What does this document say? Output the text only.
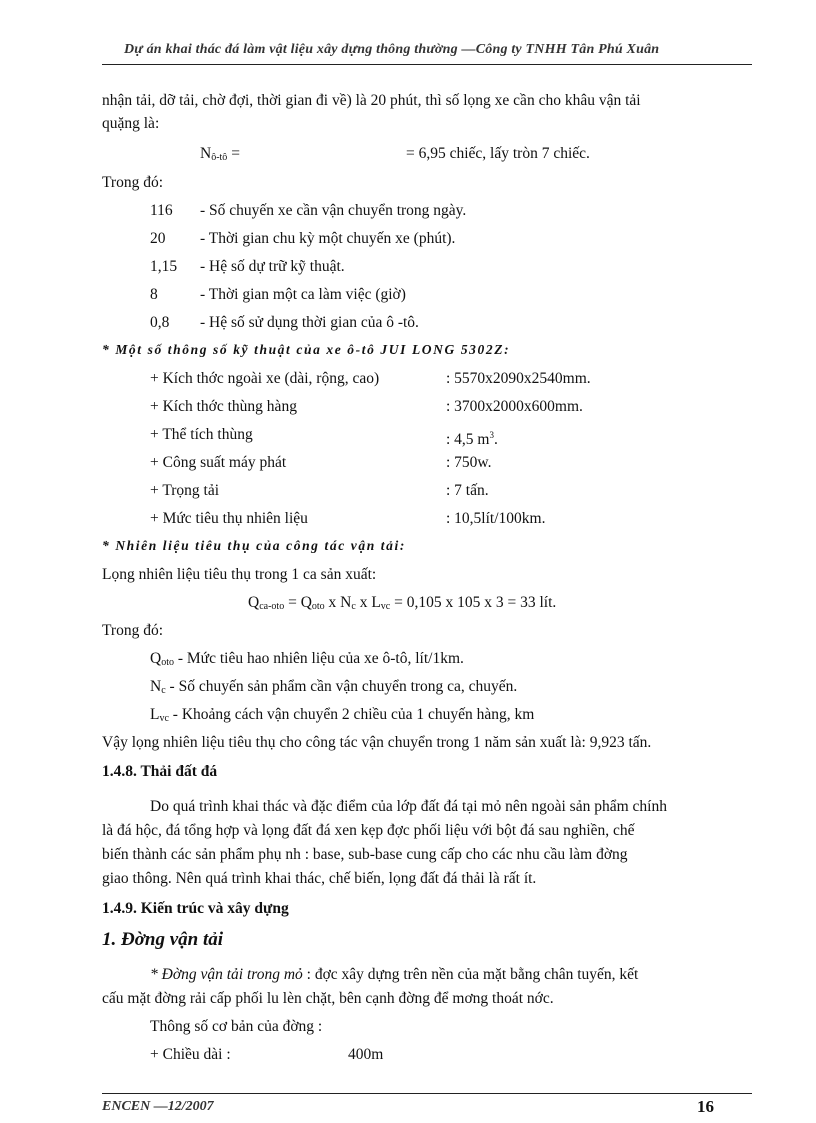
Dự án khai thác đá làm vật liệu xây dựng thông thường —Công ty TNHH Tân Phú Xuân
nhận tải, dỡ tải, chờ đợi, thời gian đi về) là 20 phút, thì số lọng xe cần cho khâu vận tải
quặng là:
$N_{ô-tô}$ =	= 6,95 chiếc, lấy tròn 7 chiếc.
Trong đó:
116 - Số chuyến xe cần vận chuyển trong ngày.
20 - Thời gian chu kỳ một chuyến xe (phút).
1,15 - Hệ số dự trữ kỹ thuật.
8	- Thời gian một ca làm việc (giờ)
0,8 - Hệ số sử dụng thời gian của ô -tô.
* Một số thông số kỹ thuật của xe ô-tô JUI LONG 5302Z:
+ Kích thớc ngoài xe (dài, rộng, cao)	: 5570x2090x2540mm.
+ Kích thớc thùng hàng	: 3700x2000x600mm.
+ Thể tích thùng	: 4,5 $m^3$.
+ Công suất máy phát	: 750w.
+ Trọng tải	: 7 tấn.
+ Mức tiêu thụ nhiên liệu	: 10,5lít/100km.
* Nhiên liệu tiêu thụ của công tác vận tải:
Lọng nhiên liệu tiêu thụ trong 1 ca sản xuất:
$Q_{ca-oto} = Q_{oto}$ x $N_c$ x $L_{vc} = 0,105$ x 105 x 3 = 33 lít.
Trong đó:
$Q_{oto}$ - Mức tiêu hao nhiên liệu của xe ô-tô, lít/1km.
$N_c$ - Số chuyến sản phẩm cần vận chuyển trong ca, chuyến.
$L_{vc}$ - Khoảng cách vận chuyển 2 chiều của 1 chuyến hàng, km
Vậy lọng nhiên liệu tiêu thụ cho công tác vận chuyển trong 1 năm sản xuất là: 9,923 tấn.
1.4.8. Thải đất đá
Do quá trình khai thác và đặc điểm của lớp đất đá tại mỏ nên ngoài sản phẩm chính
là đá hộc, đá tổng hợp và lọng đất đá xen kẹp đợc phối liệu với bột đá sau nghiền, chế
biến thành các sản phẩm phụ nh : base, sub-base cung cấp cho các nhu cầu làm đờng
giao thông. Nên quá trình khai thác, chế biến, lọng đất đá thải là rất ít.
1.4.9. Kiến trúc và xây dựng
1. Đờng vận tải
* Đờng vận tải trong mỏ : đợc xây dựng trên nền của mặt bằng chân tuyến, kết
cấu mặt đờng rải cấp phối lu lèn chặt, bên cạnh đờng để mơng thoát nớc.
Thông số cơ bản của đờng :
+ Chiều dài :	400m
ENCEN —12/2007	16
